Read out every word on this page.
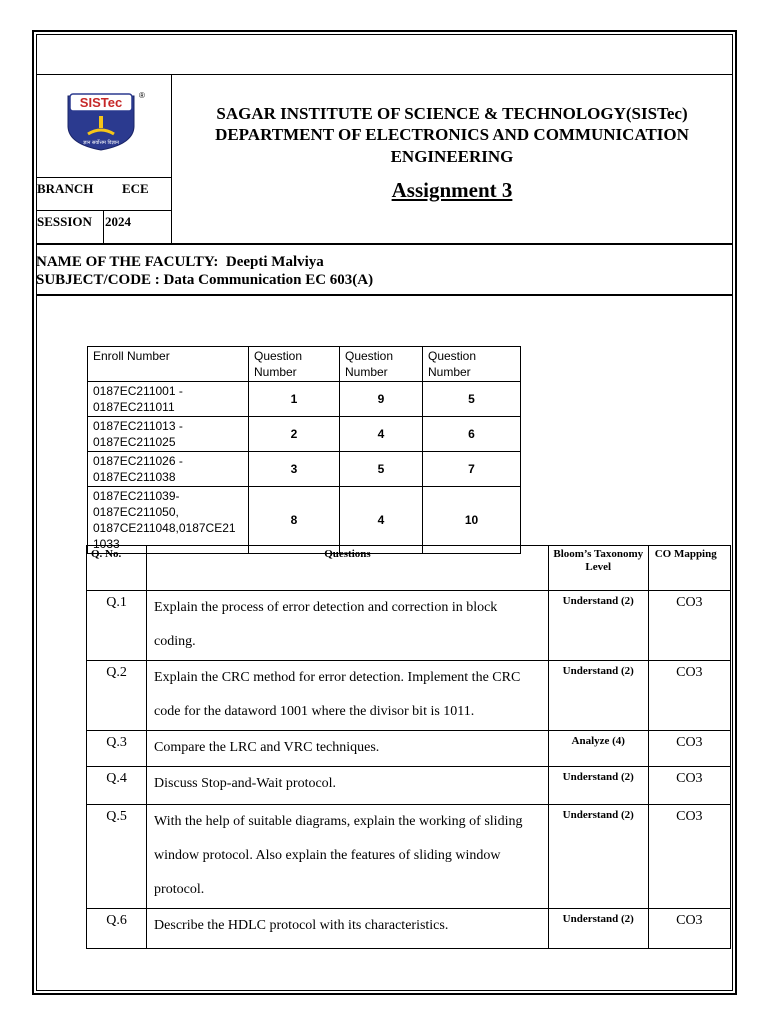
SISTec
ज्ञान सर्वोत्तम विज्ञान
®
SAGAR INSTITUTE OF SCIENCE & TECHNOLOGY(SISTec)
DEPARTMENT OF ELECTRONICS AND COMMUNICATION
ENGINEERING
Assignment 3
BRANCH ECE
SESSION 2024
NAME OF THE FACULTY: Deepti Malviya
SUBJECT/CODE : Data Communication EC 603(A)
Enroll Number	Question Number	Question Number	Question Number
0187EC211001 - 0187EC211011	1	9	5
0187EC211013 - 0187EC211025	2	4	6
0187EC211026 - 0187EC211038	3	5	7
0187EC211039- 0187EC211050, 0187CE211048,0187CE21 1033	8	4	10
Q. No.	Questions	Bloom’s Taxonomy Level	CO Mapping
Q.1	Explain the process of error detection and correction in block coding.	Understand (2)	CO3
Q.2	Explain the CRC method for error detection. Implement the CRC code for the dataword 1001 where the divisor bit is 1011.	Understand (2)	CO3
Q.3	Compare the LRC and VRC techniques.	Analyze (4)	CO3
Q.4	Discuss Stop-and-Wait protocol.	Understand (2)	CO3
Q.5	With the help of suitable diagrams, explain the working of sliding window protocol. Also explain the features of sliding window protocol.	Understand (2)	CO3
Q.6	Describe the HDLC protocol with its characteristics.	Understand (2)	CO3
